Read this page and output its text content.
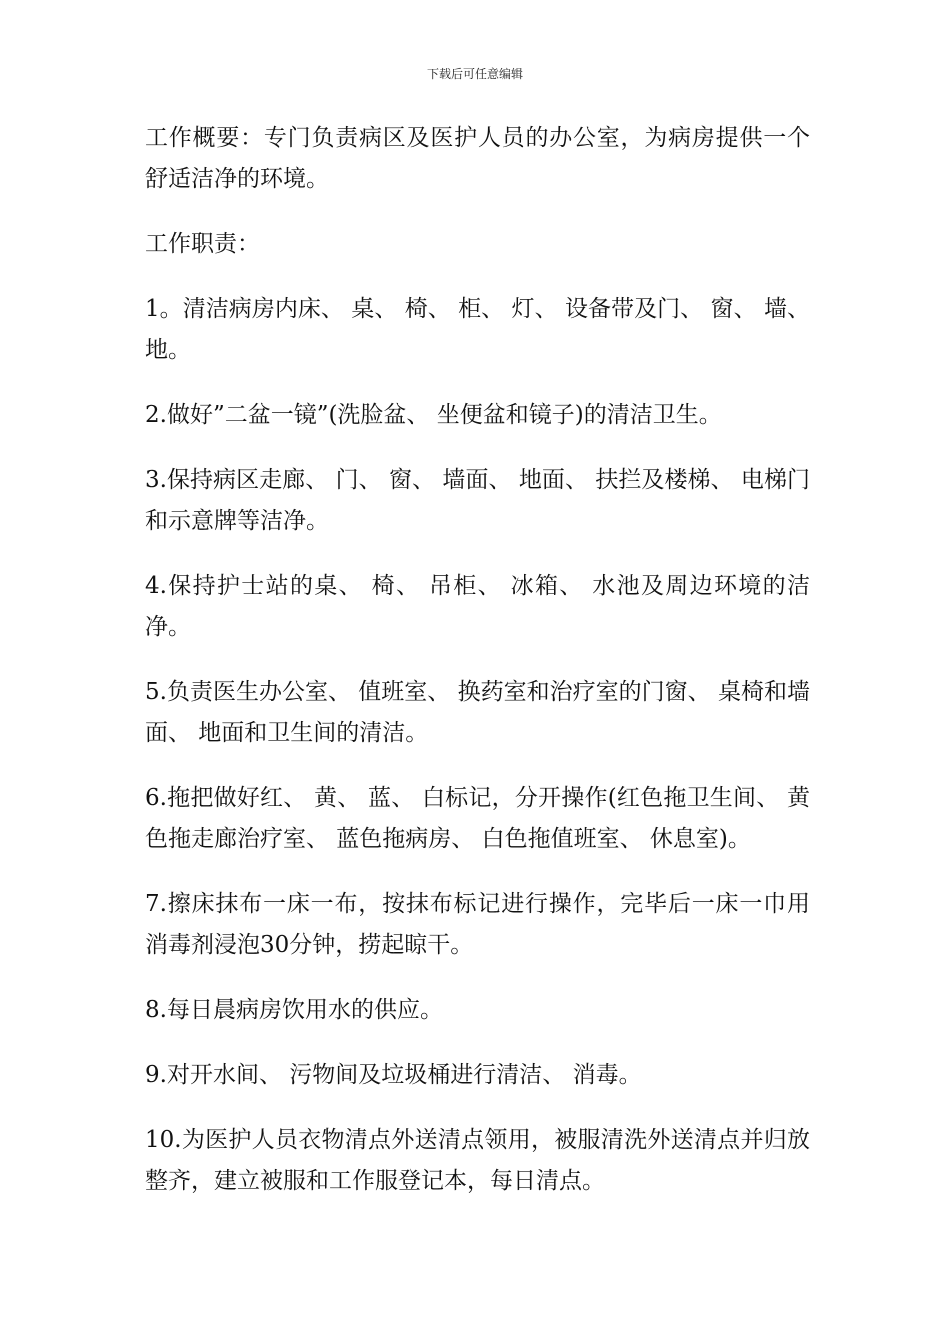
下载后可任意编辑

工作概要：专门负责病区及医护人员的办公室，为病房提供一个舒适洁净的环境。

工作职责：

1。清洁病房内床、 桌、 椅、 柜、 灯、 设备带及门、 窗、 墙、 地。

2.做好”二盆一镜”(洗脸盆、 坐便盆和镜子)的清洁卫生。

3.保持病区走廊、 门、 窗、 墙面、 地面、 扶拦及楼梯、 电梯门和示意牌等洁净。

4.保持护士站的桌、 椅、 吊柜、 冰箱、 水池及周边环境的洁净。

5.负责医生办公室、 值班室、 换药室和治疗室的门窗、 桌椅和墙面、 地面和卫生间的清洁。

6.拖把做好红、 黄、 蓝、 白标记，分开操作(红色拖卫生间、 黄色拖走廊治疗室、 蓝色拖病房、 白色拖值班室、 休息室)。

7.擦床抹布一床一布，按抹布标记进行操作，完毕后一床一巾用消毒剂浸泡30分钟，捞起晾干。

8.每日晨病房饮用水的供应。

9.对开水间、 污物间及垃圾桶进行清洁、 消毒。

10.为医护人员衣物清点外送清点领用，被服清洗外送清点并归放整齐，建立被服和工作服登记本，每日清点。
